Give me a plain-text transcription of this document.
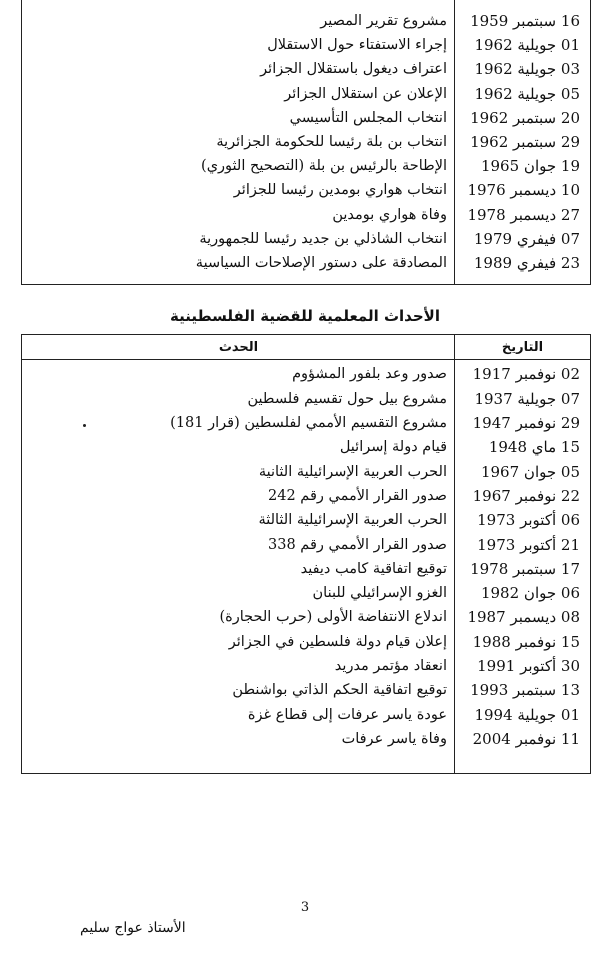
16 سبتمبر 1959
مشروع تقرير المصير
01 جويلية 1962
إجراء الاستفتاء حول الاستقلال
03 جويلية 1962
اعتراف ديغول باستقلال الجزائر
05 جويلية 1962
الإعلان عن استقلال الجزائر
20 سبتمبر 1962
انتخاب المجلس التأسيسي
29 سبتمبر 1962
انتخاب بن بلة رئيسا للحكومة الجزائرية
19 جوان 1965
الإطاحة بالرئيس بن بلة (التصحيح الثوري)
10 ديسمبر 1976
انتخاب هواري بومدين رئيسا للجزائر
27 ديسمبر 1978
وفاة هواري بومدين
07 فيفري 1979
انتخاب الشاذلي بن جديد رئيسا للجمهورية
23 فيفري 1989
المصادقة على دستور الإصلاحات السياسية
الأحداث المعلمية للقضية الفلسطينية
التاريخ
الحدث
02 نوفمبر 1917
صدور وعد بلفور المشؤوم
07 جويلية 1937
مشروع بيل حول تقسيم فلسطين
29 نوفمبر 1947
مشروع التقسيم الأممي لفلسطين (قرار 181)
15 ماي 1948
قيام دولة إسرائيل
05 جوان 1967
الحرب العربية الإسرائيلية الثانية
22 نوفمبر 1967
صدور القرار الأممي رقم 242
06 أكتوبر 1973
الحرب العربية الإسرائيلية الثالثة
21 أكتوبر 1973
صدور القرار الأممي رقم 338
17 سبتمبر 1978
توقيع اتفاقية كامب ديفيد
06 جوان 1982
الغزو الإسرائيلي للبنان
08 ديسمبر 1987
اندلاع الانتفاضة الأولى (حرب الحجارة)
15 نوفمبر 1988
إعلان قيام دولة فلسطين في الجزائر
30 أكتوبر 1991
انعقاد مؤتمر مدريد
13 سبتمبر 1993
توقيع اتفاقية الحكم الذاتي بواشنطن
01 جويلية 1994
عودة ياسر عرفات إلى قطاع غزة
11 نوفمبر 2004
وفاة ياسر عرفات
3
الأستاذ عواج سليم
